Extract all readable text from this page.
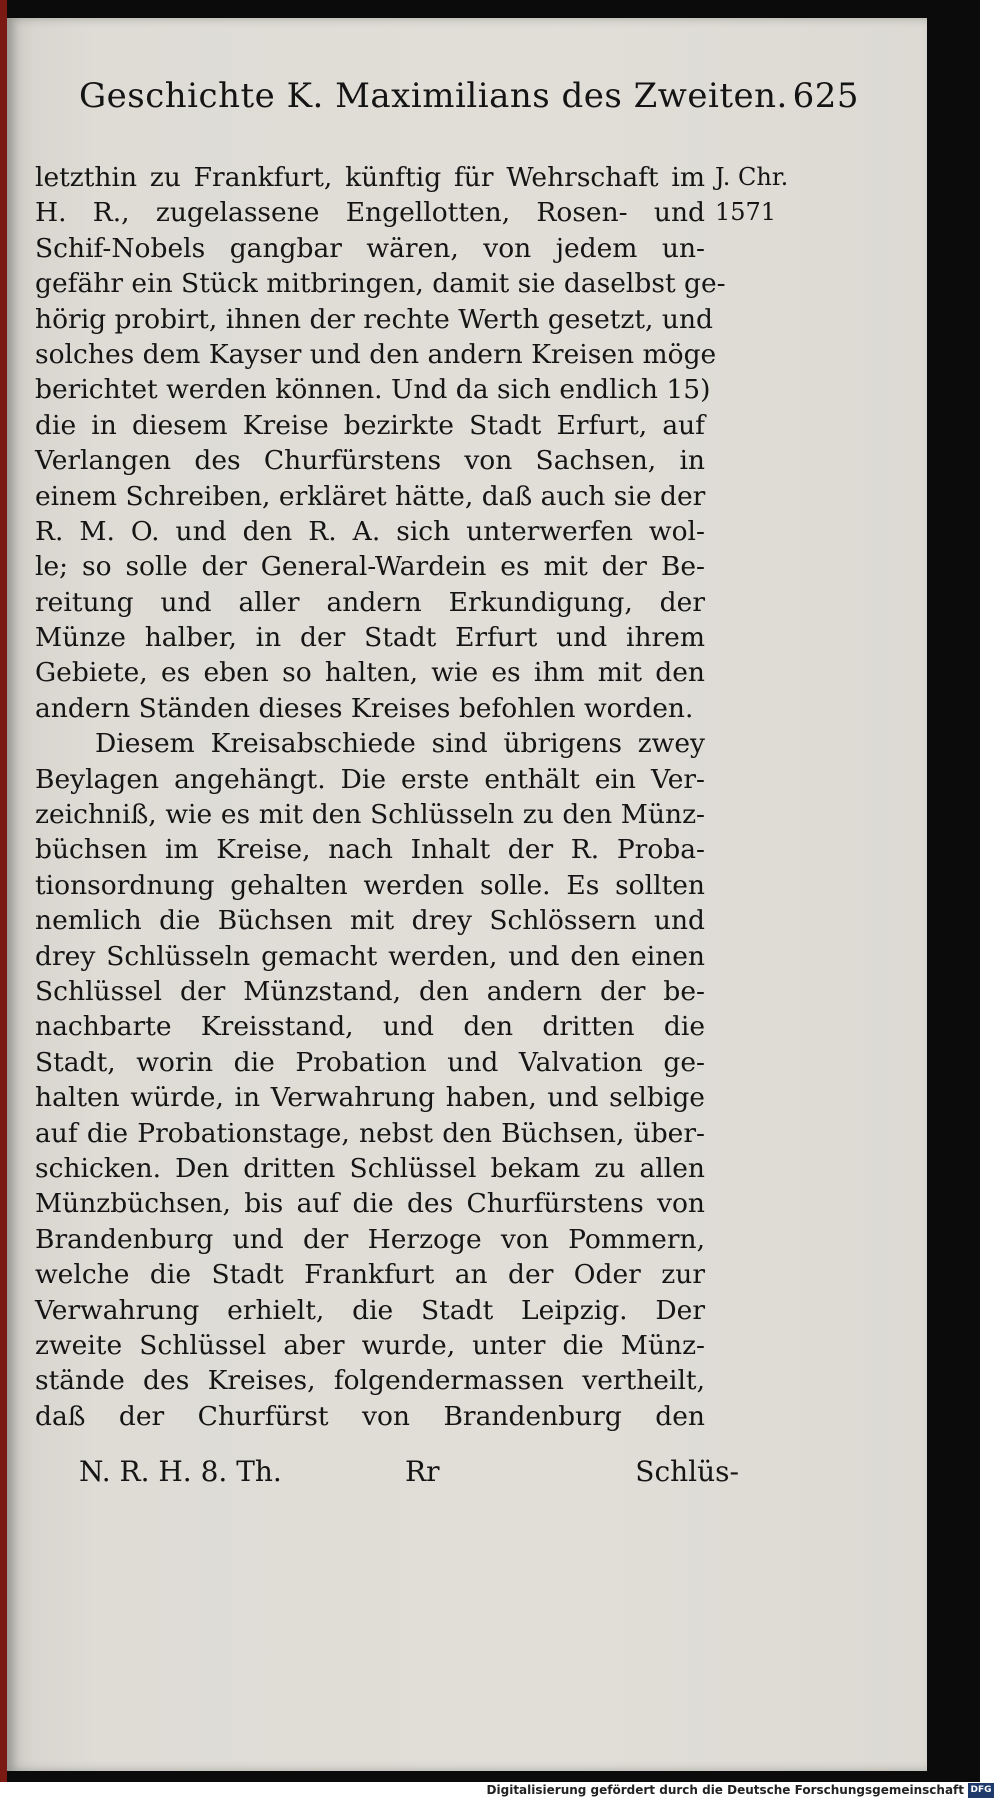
Geschichte K. Maximilians des Zweiten. 625
letzthin zu Frankfurt, künftig für Wehrschaft im
H. R., zugelassene Engellotten, Rosen- und
Schif-Nobels gangbar wären, von jedem un-
gefähr ein Stück mitbringen, damit sie daselbst ge-
hörig probirt, ihnen der rechte Werth gesetzt, und
solches dem Kayser und den andern Kreisen möge
berichtet werden können. Und da sich endlich 15)
die in diesem Kreise bezirkte Stadt Erfurt, auf
Verlangen des Churfürstens von Sachsen, in
einem Schreiben, erkläret hätte, daß auch sie der
R. M. O. und den R. A. sich unterwerfen wol-
le; so solle der General-Wardein es mit der Be-
reitung und aller andern Erkundigung, der
Münze halber, in der Stadt Erfurt und ihrem
Gebiete, es eben so halten, wie es ihm mit den
andern Ständen dieses Kreises befohlen worden.
Diesem Kreisabschiede sind übrigens zwey
Beylagen angehängt. Die erste enthält ein Ver-
zeichniß, wie es mit den Schlüsseln zu den Münz-
büchsen im Kreise, nach Inhalt der R. Proba-
tionsordnung gehalten werden solle. Es sollten
nemlich die Büchsen mit drey Schlössern und
drey Schlüsseln gemacht werden, und den einen
Schlüssel der Münzstand, den andern der be-
nachbarte Kreisstand, und den dritten die
Stadt, worin die Probation und Valvation ge-
halten würde, in Verwahrung haben, und selbige
auf die Probationstage, nebst den Büchsen, über-
schicken. Den dritten Schlüssel bekam zu allen
Münzbüchsen, bis auf die des Churfürstens von
Brandenburg und der Herzoge von Pommern,
welche die Stadt Frankfurt an der Oder zur
Verwahrung erhielt, die Stadt Leipzig. Der
zweite Schlüssel aber wurde, unter die Münz-
stände des Kreises, folgendermassen vertheilt,
daß der Churfürst von Brandenburg den
J. Chr.
1571
N. R. H. 8. Th.	Rr	Schlüs-
Digitalisierung gefördert durch die Deutsche Forschungsgemeinschaft DFG
